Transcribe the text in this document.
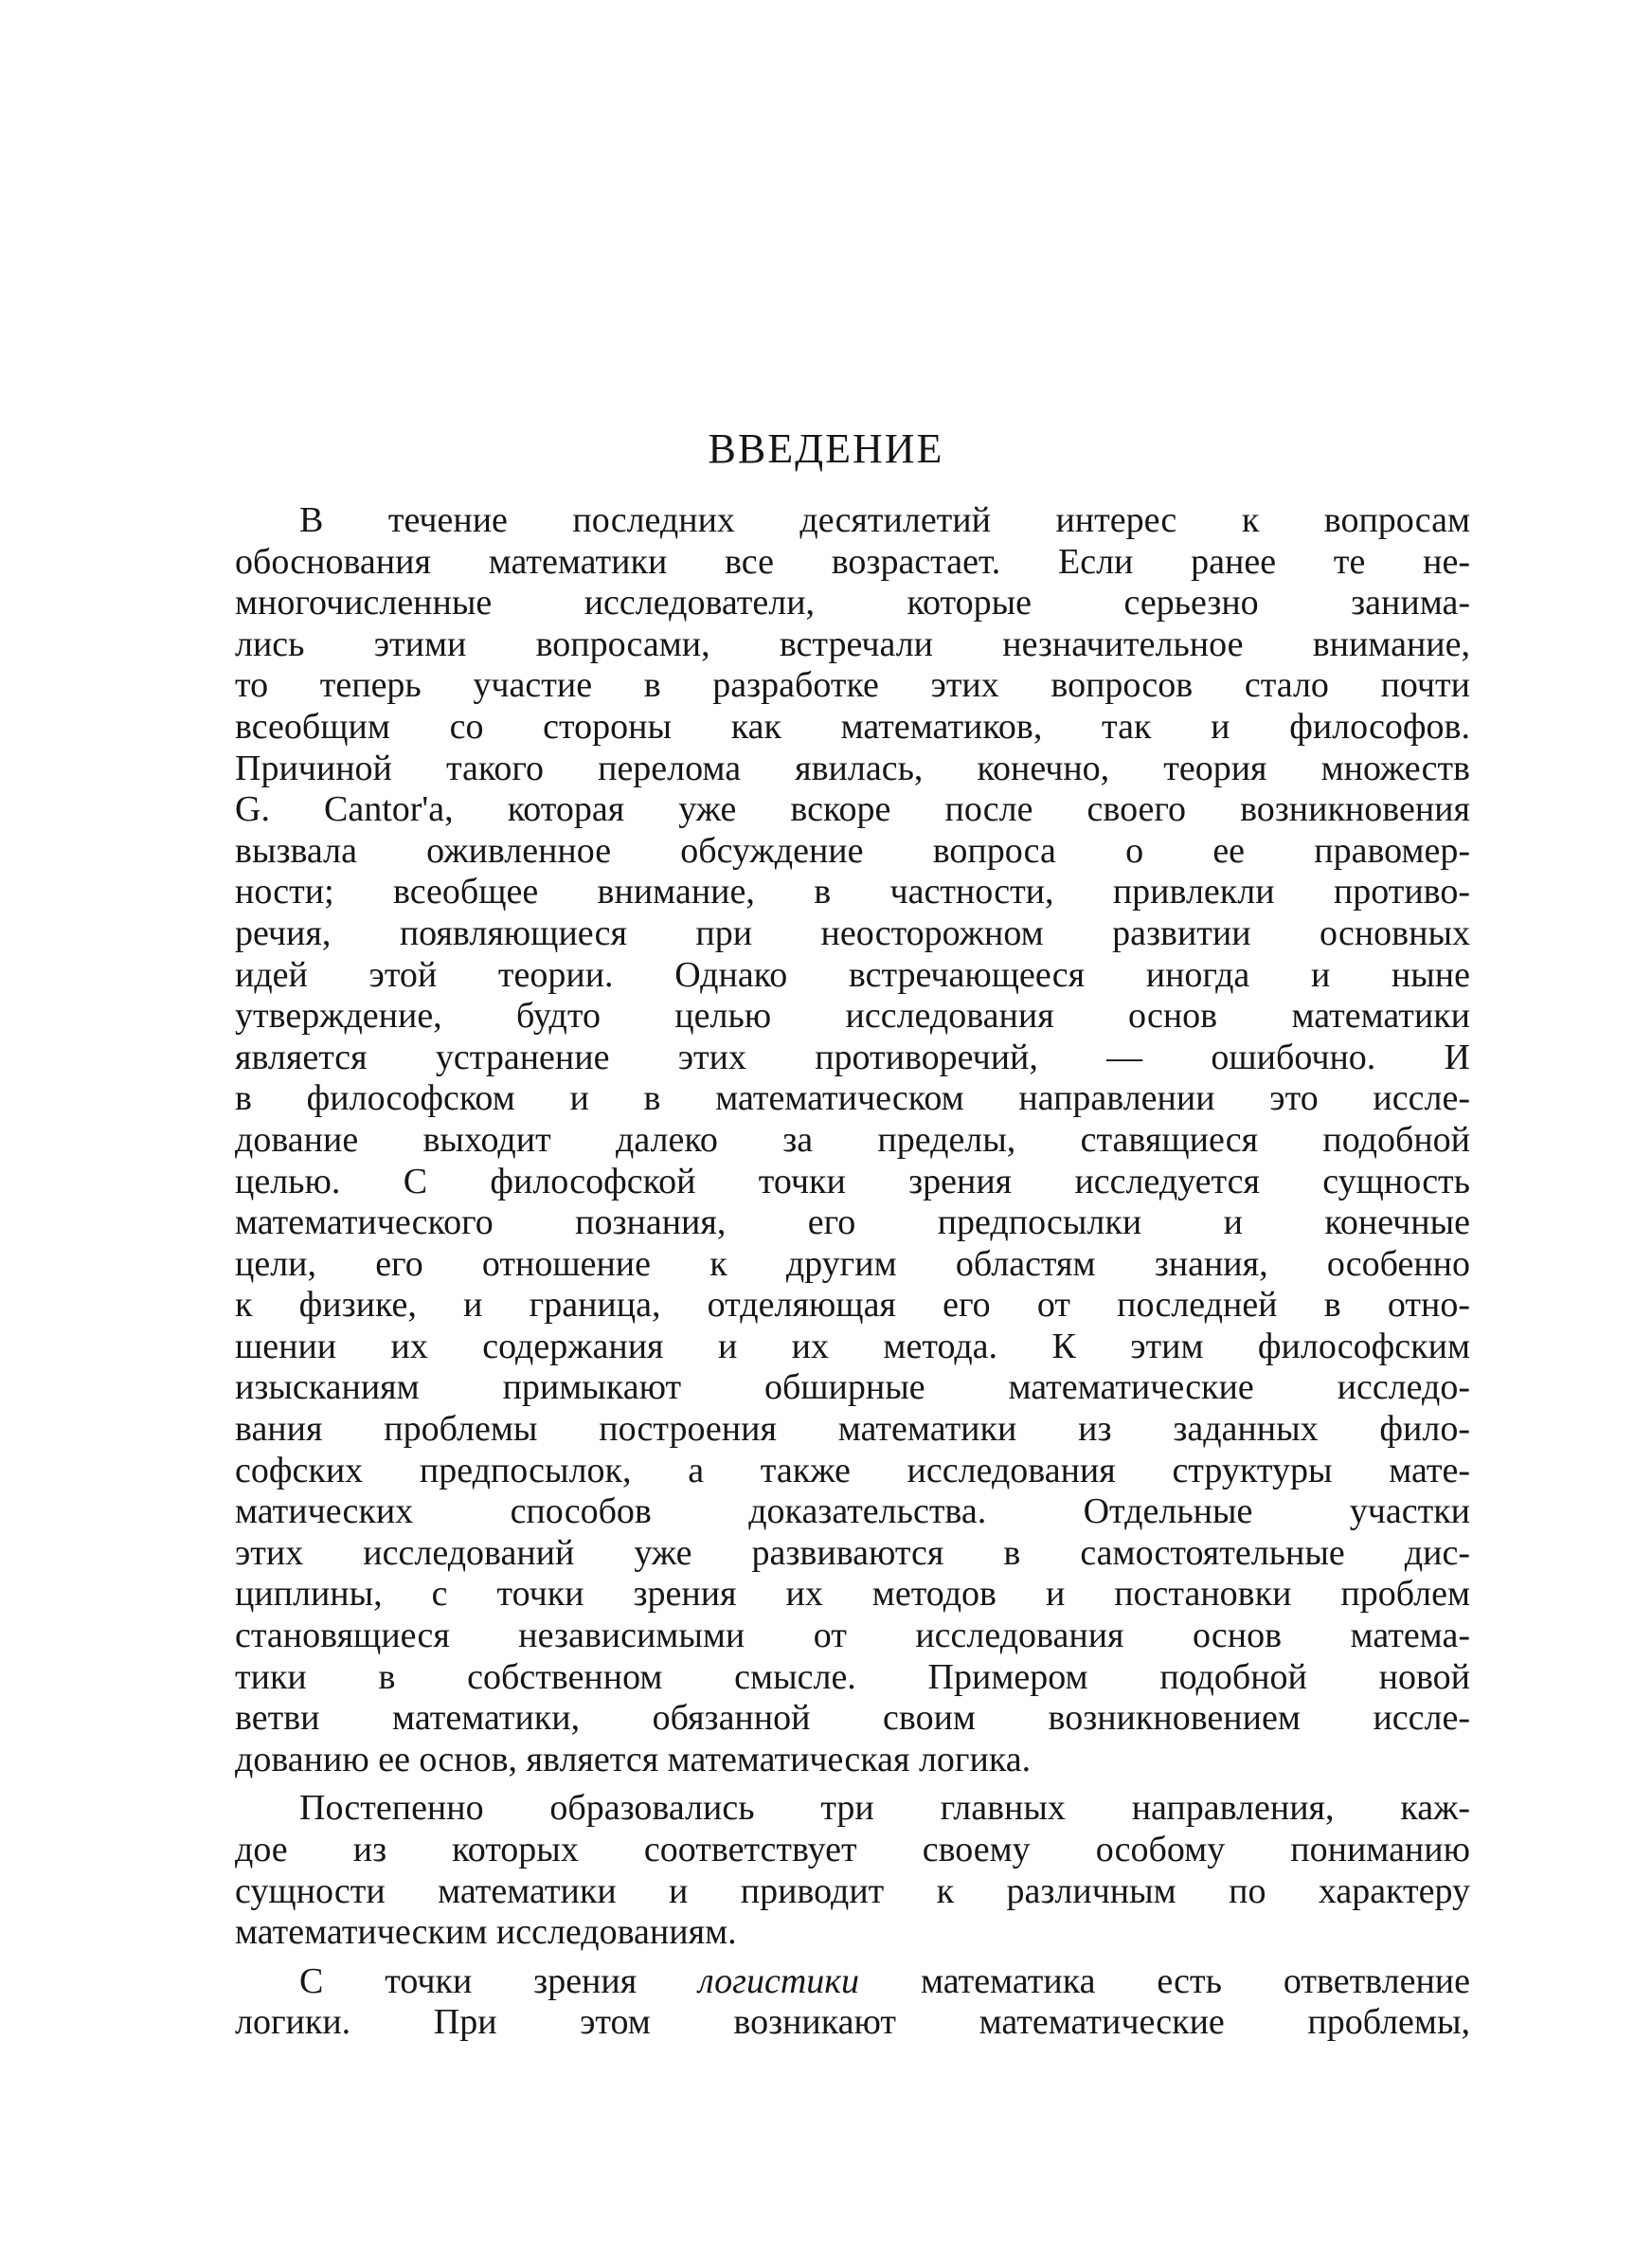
ВВЕДЕНИЕ
В течение последних десятилетий интерес к вопросам
обоснования математики все возрастает. Если ранее те не-
многочисленные исследователи, которые серьезно занима-
лись этими вопросами, встречали незначительное внимание,
то теперь участие в разработке этих вопросов стало почти
всеобщим со стороны как математиков, так и философов.
Причиной такого перелома явилась, конечно, теория множеств
G. Cantor'a, которая уже вскоре после своего возникновения
вызвала оживленное обсуждение вопроса о ее правомер-
ности; всеобщее внимание, в частности, привлекли противо-
речия, появляющиеся при неосторожном развитии основных
идей этой теории. Однако встречающееся иногда и ныне
утверждение, будто целью исследования основ математики
является устранение этих противоречий, — ошибочно. И
в философском и в математическом направлении это иссле-
дование выходит далеко за пределы, ставящиеся подобной
целью. С философской точки зрения исследуется сущность
математического познания, его предпосылки и конечные
цели, его отношение к другим областям знания, особенно
к физике, и граница, отделяющая его от последней в отно-
шении их содержания и их метода. К этим философским
изысканиям примыкают обширные математические исследо-
вания проблемы построения математики из заданных фило-
софских предпосылок, а также исследования структуры мате-
матических способов доказательства. Отдельные участки
этих исследований уже развиваются в самостоятельные дис-
циплины, с точки зрения их методов и постановки проблем
становящиеся независимыми от исследования основ матема-
тики в собственном смысле. Примером подобной новой
ветви математики, обязанной своим возникновением иссле-
дованию ее основ, является математическая логика.
Постепенно образовались три главных направления, каж-
дое из которых соответствует своему особому пониманию
сущности математики и приводит к различным по характеру
математическим исследованиям.
С точки зрения логистики математика есть ответвление
логики. При этом возникают математические проблемы,
